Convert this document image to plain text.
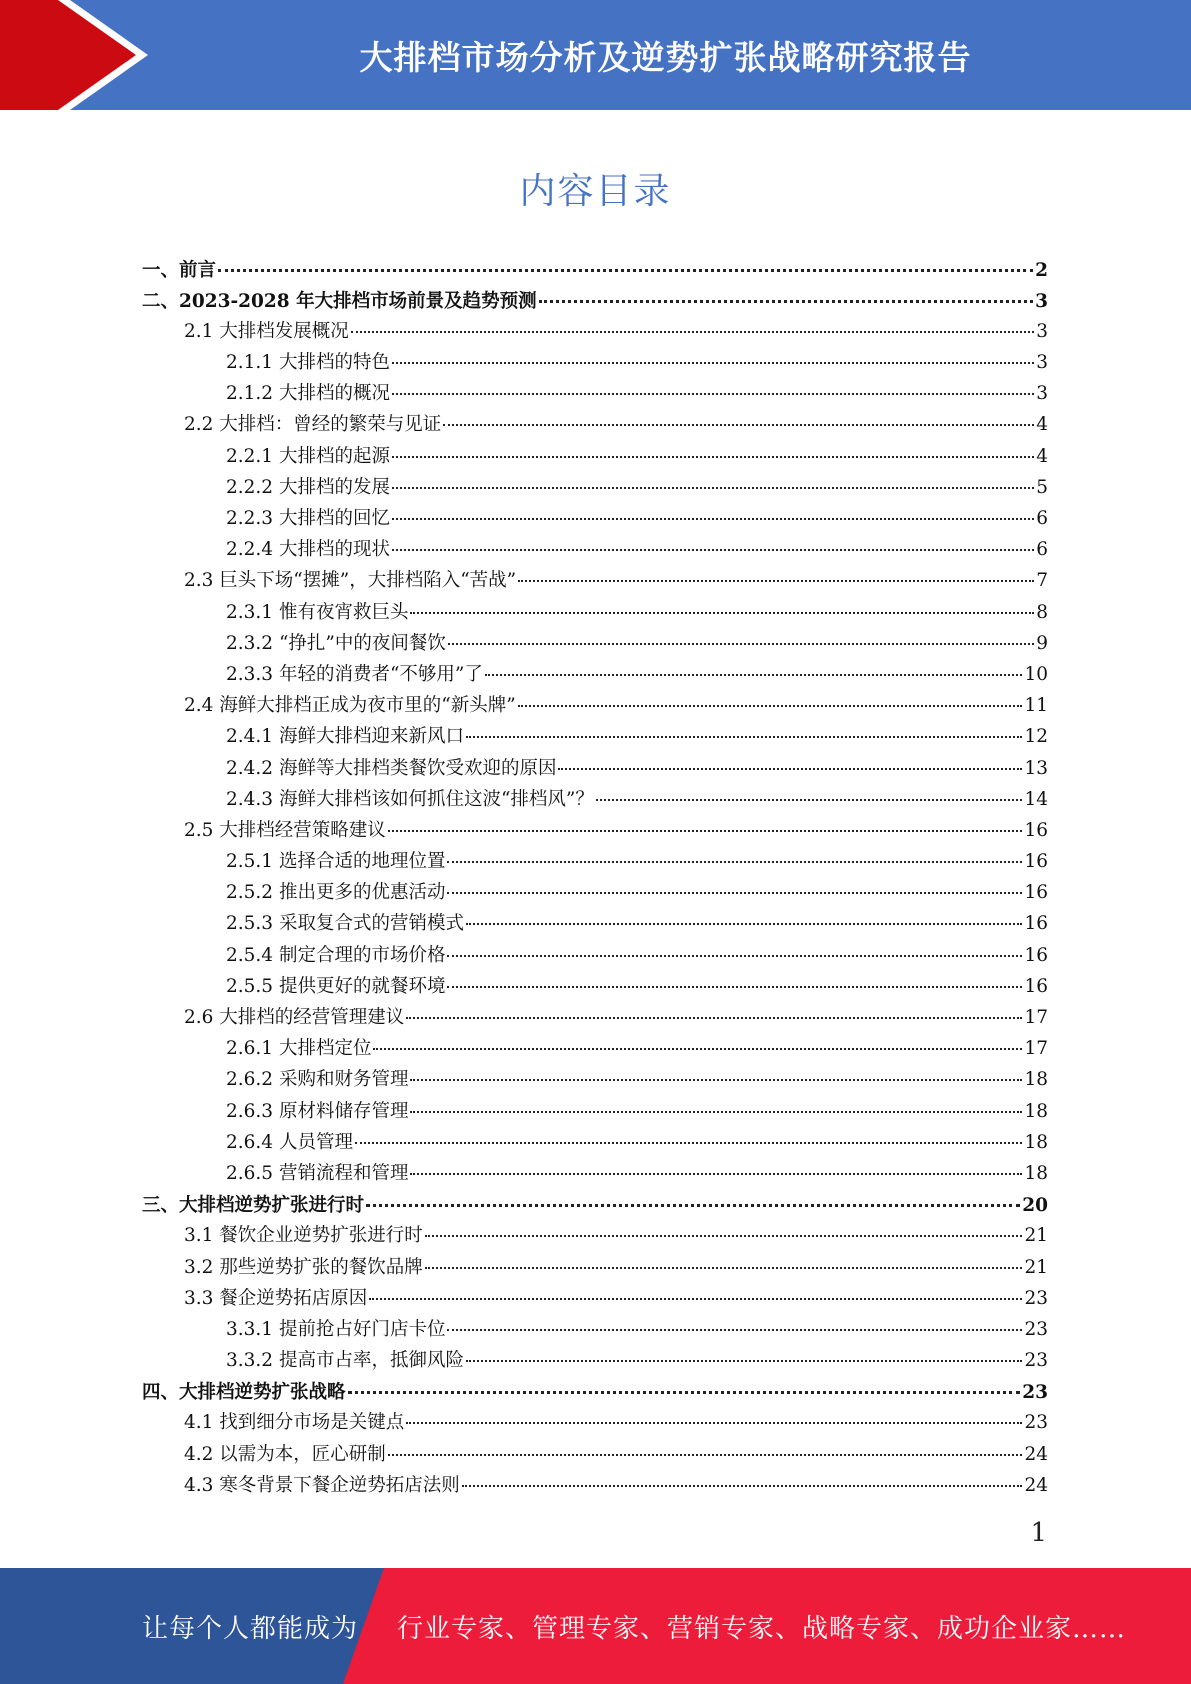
大排档市场分析及逆势扩张战略研究报告
内容目录
一、前言	2
二、2023-2028 年大排档市场前景及趋势预测	3
2.1 大排档发展概况	3
2.1.1 大排档的特色	3
2.1.2 大排档的概况	3
2.2 大排档：曾经的繁荣与见证	4
2.2.1 大排档的起源	4
2.2.2 大排档的发展	5
2.2.3 大排档的回忆	6
2.2.4 大排档的现状	6
2.3 巨头下场“摆摊”，大排档陷入“苦战”	7
2.3.1 惟有夜宵救巨头	8
2.3.2 “挣扎”中的夜间餐饮	9
2.3.3 年轻的消费者“不够用”了	10
2.4 海鲜大排档正成为夜市里的“新头牌”	11
2.4.1 海鲜大排档迎来新风口	12
2.4.2 海鲜等大排档类餐饮受欢迎的原因	13
2.4.3 海鲜大排档该如何抓住这波“排档风”？	14
2.5 大排档经营策略建议	16
2.5.1 选择合适的地理位置	16
2.5.2 推出更多的优惠活动	16
2.5.3 采取复合式的营销模式	16
2.5.4 制定合理的市场价格	16
2.5.5 提供更好的就餐环境	16
2.6 大排档的经营管理建议	17
2.6.1 大排档定位	17
2.6.2 采购和财务管理	18
2.6.3 原材料储存管理	18
2.6.4 人员管理	18
2.6.5 营销流程和管理	18
三、大排档逆势扩张进行时	20
3.1 餐饮企业逆势扩张进行时	21
3.2 那些逆势扩张的餐饮品牌	21
3.3 餐企逆势拓店原因	23
3.3.1 提前抢占好门店卡位	23
3.3.2 提高市占率，抵御风险	23
四、大排档逆势扩张战略	23
4.1 找到细分市场是关键点	23
4.2 以需为本，匠心研制	24
4.3 寒冬背景下餐企逆势拓店法则	24
1
让每个人都能成为 行业专家、管理专家、营销专家、战略专家、成功企业家……
